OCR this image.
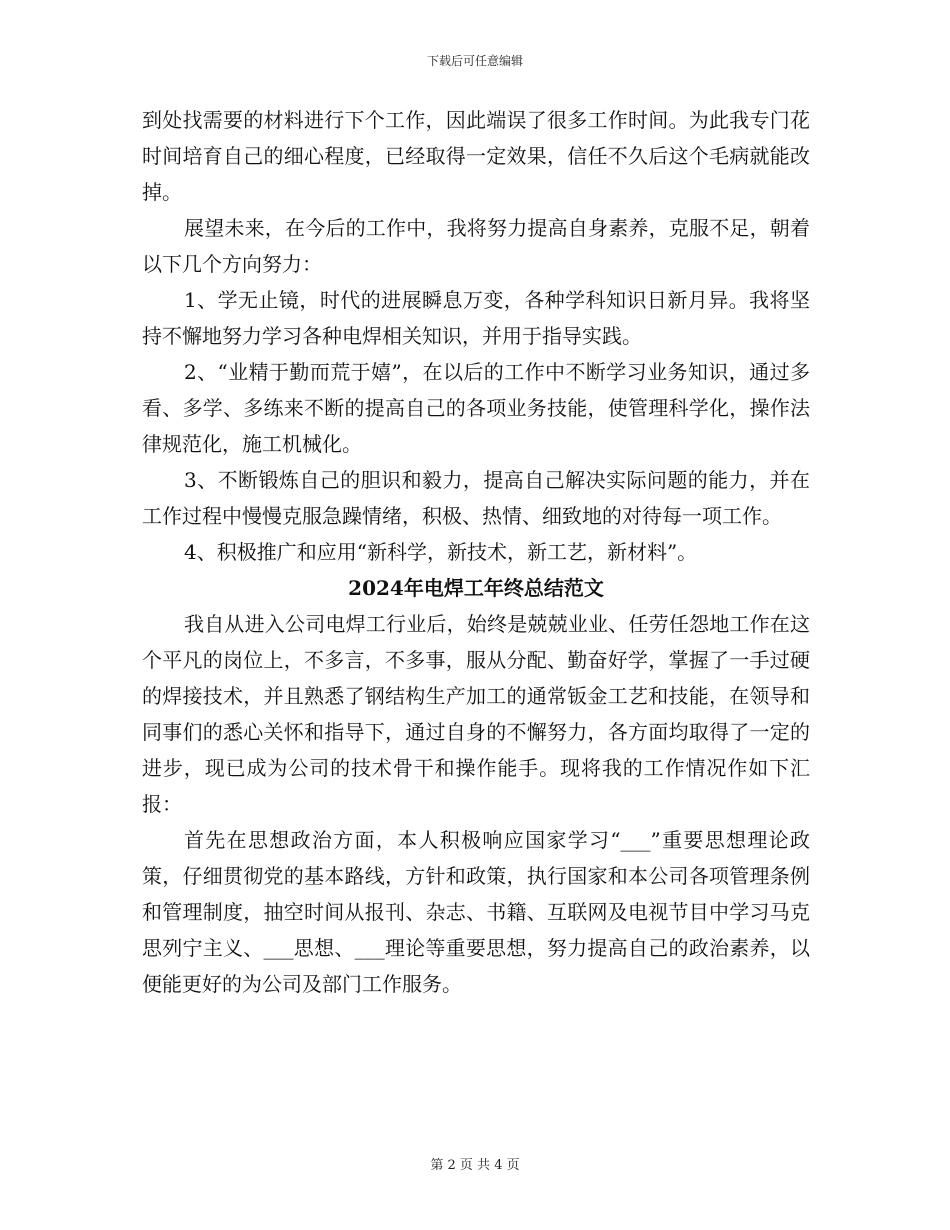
下载后可任意编辑

到处找需要的材料进行下个工作，因此端误了很多工作时间。为此我专门花时间培育自己的细心程度，已经取得一定效果，信任不久后这个毛病就能改掉。

展望未来，在今后的工作中，我将努力提高自身素养，克服不足，朝着以下几个方向努力：

1、学无止镜，时代的进展瞬息万变，各种学科知识日新月异。我将坚持不懈地努力学习各种电焊相关知识，并用于指导实践。

2、“业精于勤而荒于嬉”，在以后的工作中不断学习业务知识，通过多看、多学、多练来不断的提高自己的各项业务技能，使管理科学化，操作法律规范化，施工机械化。

3、不断锻炼自己的胆识和毅力，提高自己解决实际问题的能力，并在工作过程中慢慢克服急躁情绪，积极、热情、细致地的对待每一项工作。

4、积极推广和应用“新科学，新技术，新工艺，新材料”。

2024年电焊工年终总结范文

我自从进入公司电焊工行业后，始终是兢兢业业、任劳任怨地工作在这个平凡的岗位上，不多言，不多事，服从分配、勤奋好学，掌握了一手过硬的焊接技术，并且熟悉了钢结构生产加工的通常钣金工艺和技能，在领导和同事们的悉心关怀和指导下，通过自身的不懈努力，各方面均取得了一定的进步，现已成为公司的技术骨干和操作能手。现将我的工作情况作如下汇报：

首先在思想政治方面，本人积极响应国家学习“___”重要思想理论政策，仔细贯彻党的基本路线，方针和政策，执行国家和本公司各项管理条例和管理制度，抽空时间从报刊、杂志、书籍、互联网及电视节目中学习马克思列宁主义、___思想、___理论等重要思想，努力提高自己的政治素养，以便能更好的为公司及部门工作服务。

第 2 页 共 4 页
